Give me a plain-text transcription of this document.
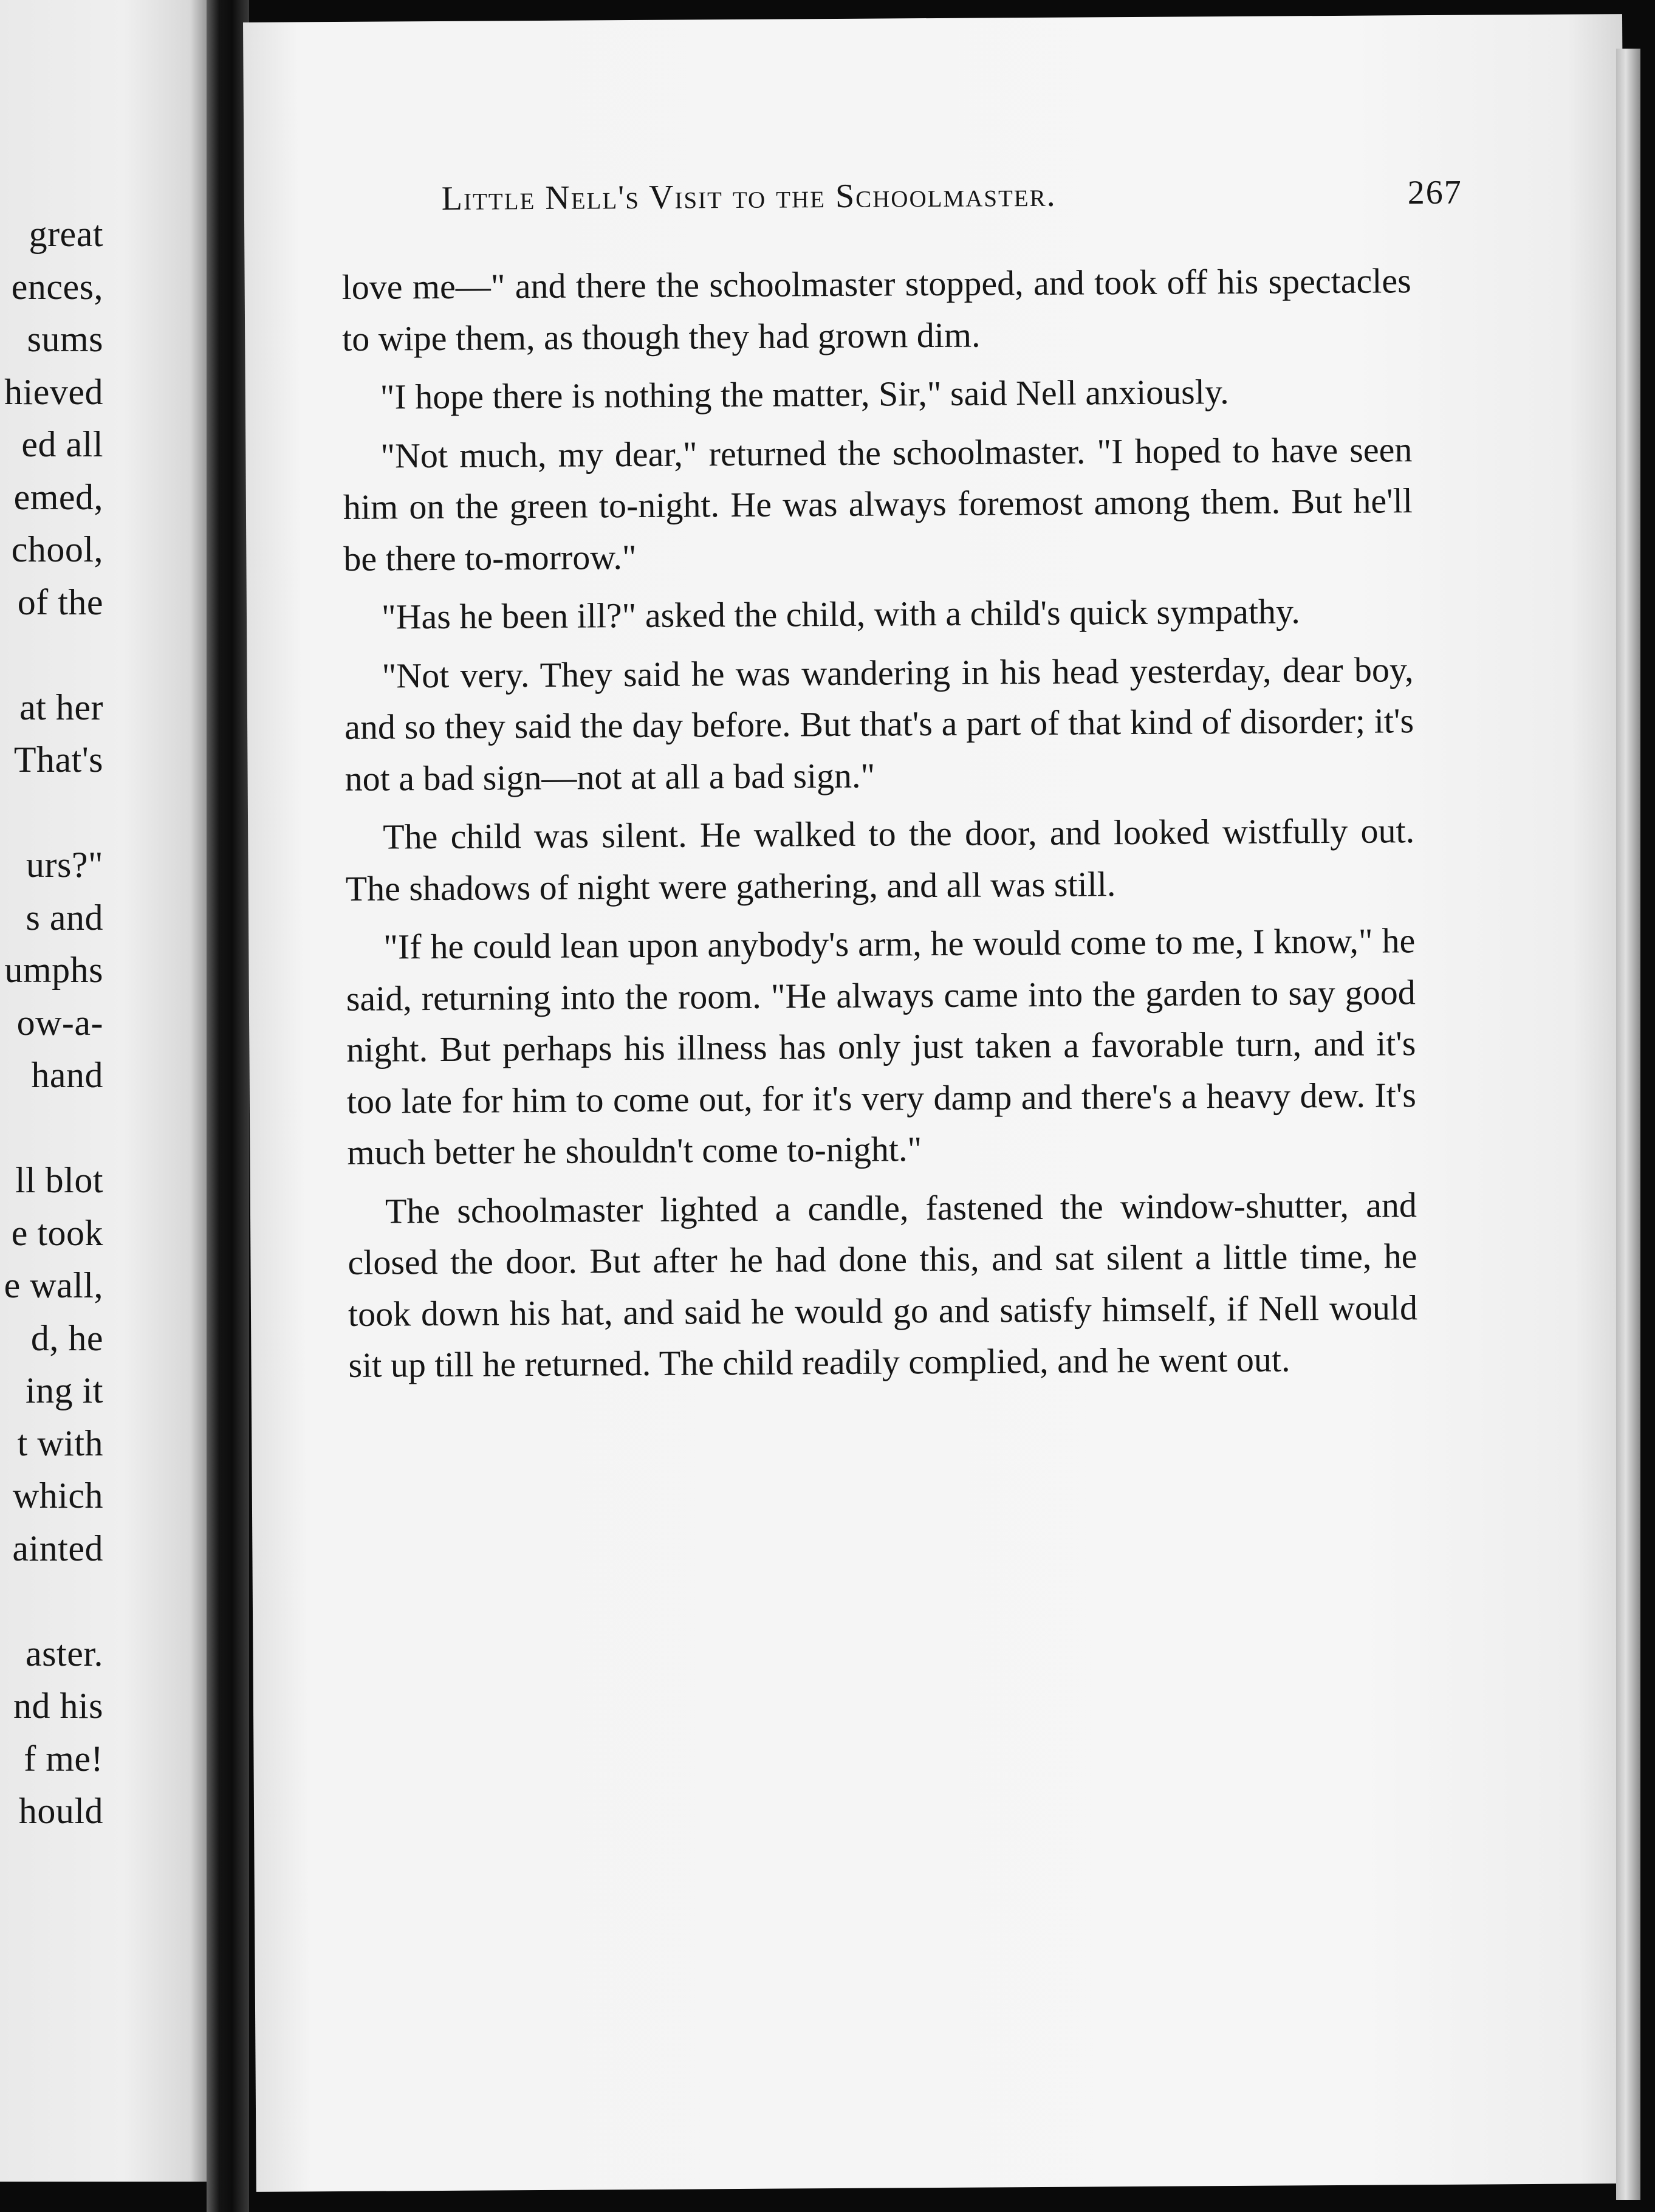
great
ences,
sums
hieved
ed all
emed,
chool,
of the
at her
That's
urs?"
s and
umphs
ow-a-
hand
ll blot
e took
e wall,
d, he
ing it
t with
which
ainted
aster.
nd his
f me!
hould
Little Nell's Visit to the Schoolmaster.	267

love me—" and there the schoolmaster stopped, and took off his spectacles to wipe them, as though they had grown dim.

"I hope there is nothing the matter, Sir," said Nell anxiously.

"Not much, my dear," returned the schoolmaster. "I hoped to have seen him on the green to-night. He was always foremost among them. But he'll be there to-morrow."

"Has he been ill?" asked the child, with a child's quick sympathy.

"Not very. They said he was wandering in his head yesterday, dear boy, and so they said the day before. But that's a part of that kind of disorder; it's not a bad sign—not at all a bad sign."

The child was silent. He walked to the door, and looked wistfully out. The shadows of night were gathering, and all was still.

"If he could lean upon anybody's arm, he would come to me, I know," he said, returning into the room. "He always came into the garden to say good night. But perhaps his illness has only just taken a favorable turn, and it's too late for him to come out, for it's very damp and there's a heavy dew. It's much better he shouldn't come to-night."

The schoolmaster lighted a candle, fastened the window-shutter, and closed the door. But after he had done this, and sat silent a little time, he took down his hat, and said he would go and satisfy himself, if Nell would sit up till he returned. The child readily complied, and he went out.
